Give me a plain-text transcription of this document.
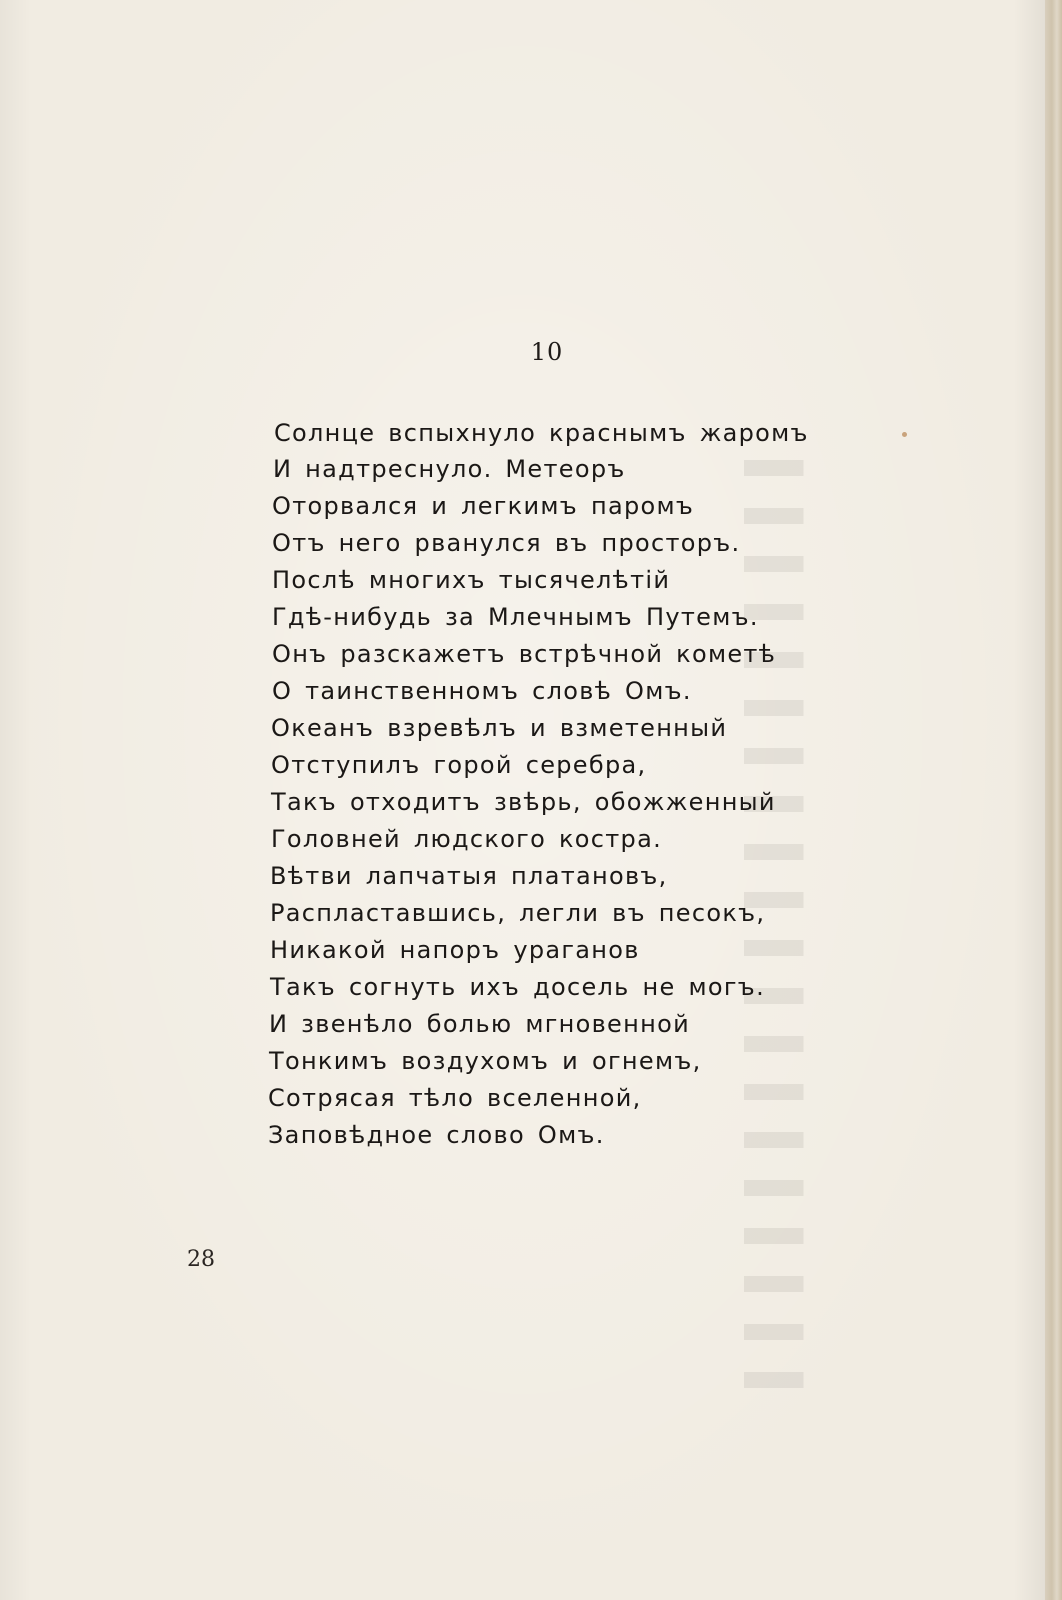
10
Солнце вспыхнуло краснымъ жаромъ
И надтреснуло. Метеоръ
Оторвался и легкимъ паромъ
Отъ него рванулся въ просторъ.
Послѣ многихъ тысячелѣтій
Гдѣ-нибудь за Млечнымъ Путемъ.
Онъ разскажетъ встрѣчной кометѣ
О таинственномъ словѣ Омъ.
Океанъ взревѣлъ и взметенный
Отступилъ горой серебра,
Такъ отходитъ звѣрь, обожженный
Головней людского костра.
Вѣтви лапчатыя платановъ,
Распластавшись, легли въ песокъ,
Никакой напоръ ураганов
Такъ согнуть ихъ досель не могъ.
И звенѣло болью мгновенной
Тонкимъ воздухомъ и огнемъ,
Сотрясая тѣло вселенной,
Заповѣдное слово Омъ.
28
